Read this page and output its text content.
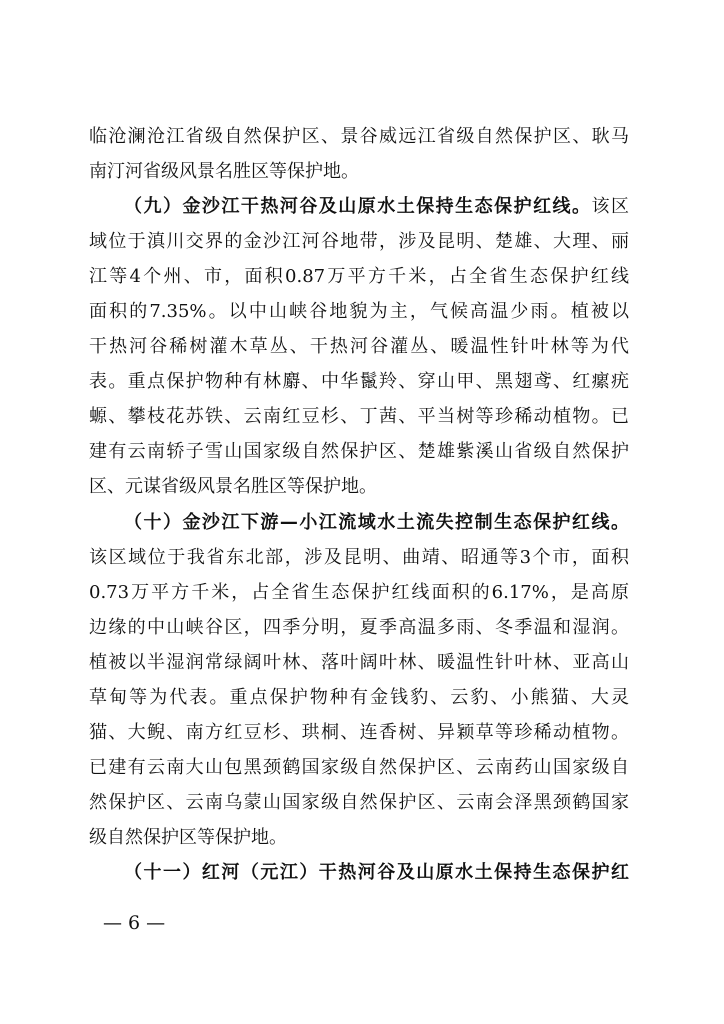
临沧澜沧江省级自然保护区、景谷威远江省级自然保护区、耿马
南汀河省级风景名胜区等保护地。
（九）金沙江干热河谷及山原水土保持生态保护红线。该区
域位于滇川交界的金沙江河谷地带，涉及昆明、楚雄、大理、丽
江等4个州、市，面积0.87万平方千米，占全省生态保护红线
面积的7.35%。以中山峡谷地貌为主，气候高温少雨。植被以
干热河谷稀树灌木草丛、干热河谷灌丛、暖温性针叶林等为代
表。重点保护物种有林麝、中华鬣羚、穿山甲、黑翅鸢、红瘰疣
螈、攀枝花苏铁、云南红豆杉、丁茜、平当树等珍稀动植物。已
建有云南轿子雪山国家级自然保护区、楚雄紫溪山省级自然保护
区、元谋省级风景名胜区等保护地。
（十）金沙江下游—小江流域水土流失控制生态保护红线。
该区域位于我省东北部，涉及昆明、曲靖、昭通等3个市，面积
0.73万平方千米，占全省生态保护红线面积的6.17%，是高原
边缘的中山峡谷区，四季分明，夏季高温多雨、冬季温和湿润。
植被以半湿润常绿阔叶林、落叶阔叶林、暖温性针叶林、亚高山
草甸等为代表。重点保护物种有金钱豹、云豹、小熊猫、大灵
猫、大鲵、南方红豆杉、珙桐、连香树、异颖草等珍稀动植物。
已建有云南大山包黑颈鹤国家级自然保护区、云南药山国家级自
然保护区、云南乌蒙山国家级自然保护区、云南会泽黑颈鹤国家
级自然保护区等保护地。
（十一）红河（元江）干热河谷及山原水土保持生态保护红
— 6 —
